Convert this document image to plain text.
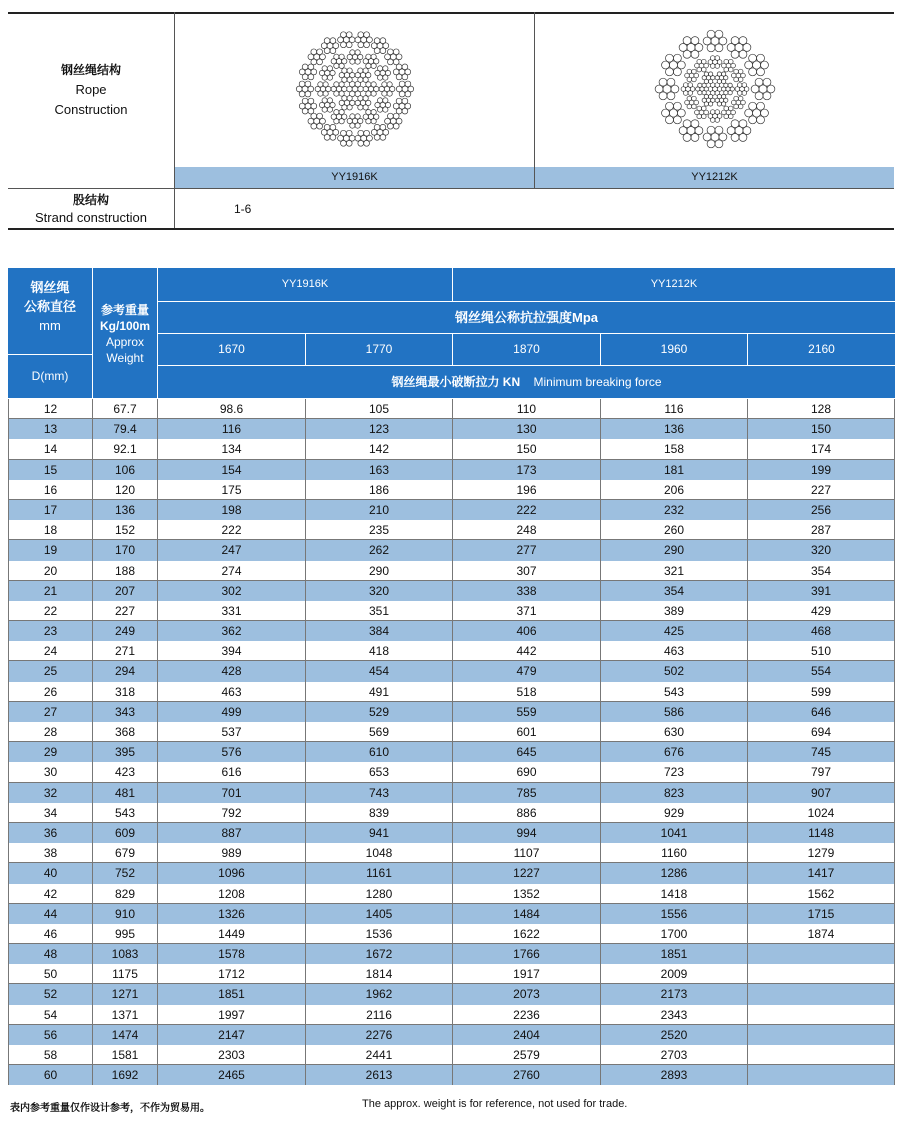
钢丝绳结构
Rope
Construction
YY1916K	YY1212K
股结构
Strand construction
1-6
钢丝绳
公称直径
mm
D(mm)
参考重量
Kg/100m
Approx
Weight
YY1916K	YY1212K
钢丝绳公称抗拉强度Mpa
1670	1770	1870	1960	2160
钢丝绳最小破断拉力 KN Minimum breaking force
12	67.7	98.6	105	110	116	128
13	79.4	116	123	130	136	150
14	92.1	134	142	150	158	174
15	106	154	163	173	181	199
16	120	175	186	196	206	227
17	136	198	210	222	232	256
18	152	222	235	248	260	287
19	170	247	262	277	290	320
20	188	274	290	307	321	354
21	207	302	320	338	354	391
22	227	331	351	371	389	429
23	249	362	384	406	425	468
24	271	394	418	442	463	510
25	294	428	454	479	502	554
26	318	463	491	518	543	599
27	343	499	529	559	586	646
28	368	537	569	601	630	694
29	395	576	610	645	676	745
30	423	616	653	690	723	797
32	481	701	743	785	823	907
34	543	792	839	886	929	1024
36	609	887	941	994	1041	1148
38	679	989	1048	1107	1160	1279
40	752	1096	1161	1227	1286	1417
42	829	1208	1280	1352	1418	1562
44	910	1326	1405	1484	1556	1715
46	995	1449	1536	1622	1700	1874
48	1083	1578	1672	1766	1851
50	1175	1712	1814	1917	2009
52	1271	1851	1962	2073	2173
54	1371	1997	2116	2236	2343
56	1474	2147	2276	2404	2520
58	1581	2303	2441	2579	2703
60	1692	2465	2613	2760	2893
表内参考重量仅作设计参考，不作为贸易用。	The approx. weight is for reference, not used for trade.
